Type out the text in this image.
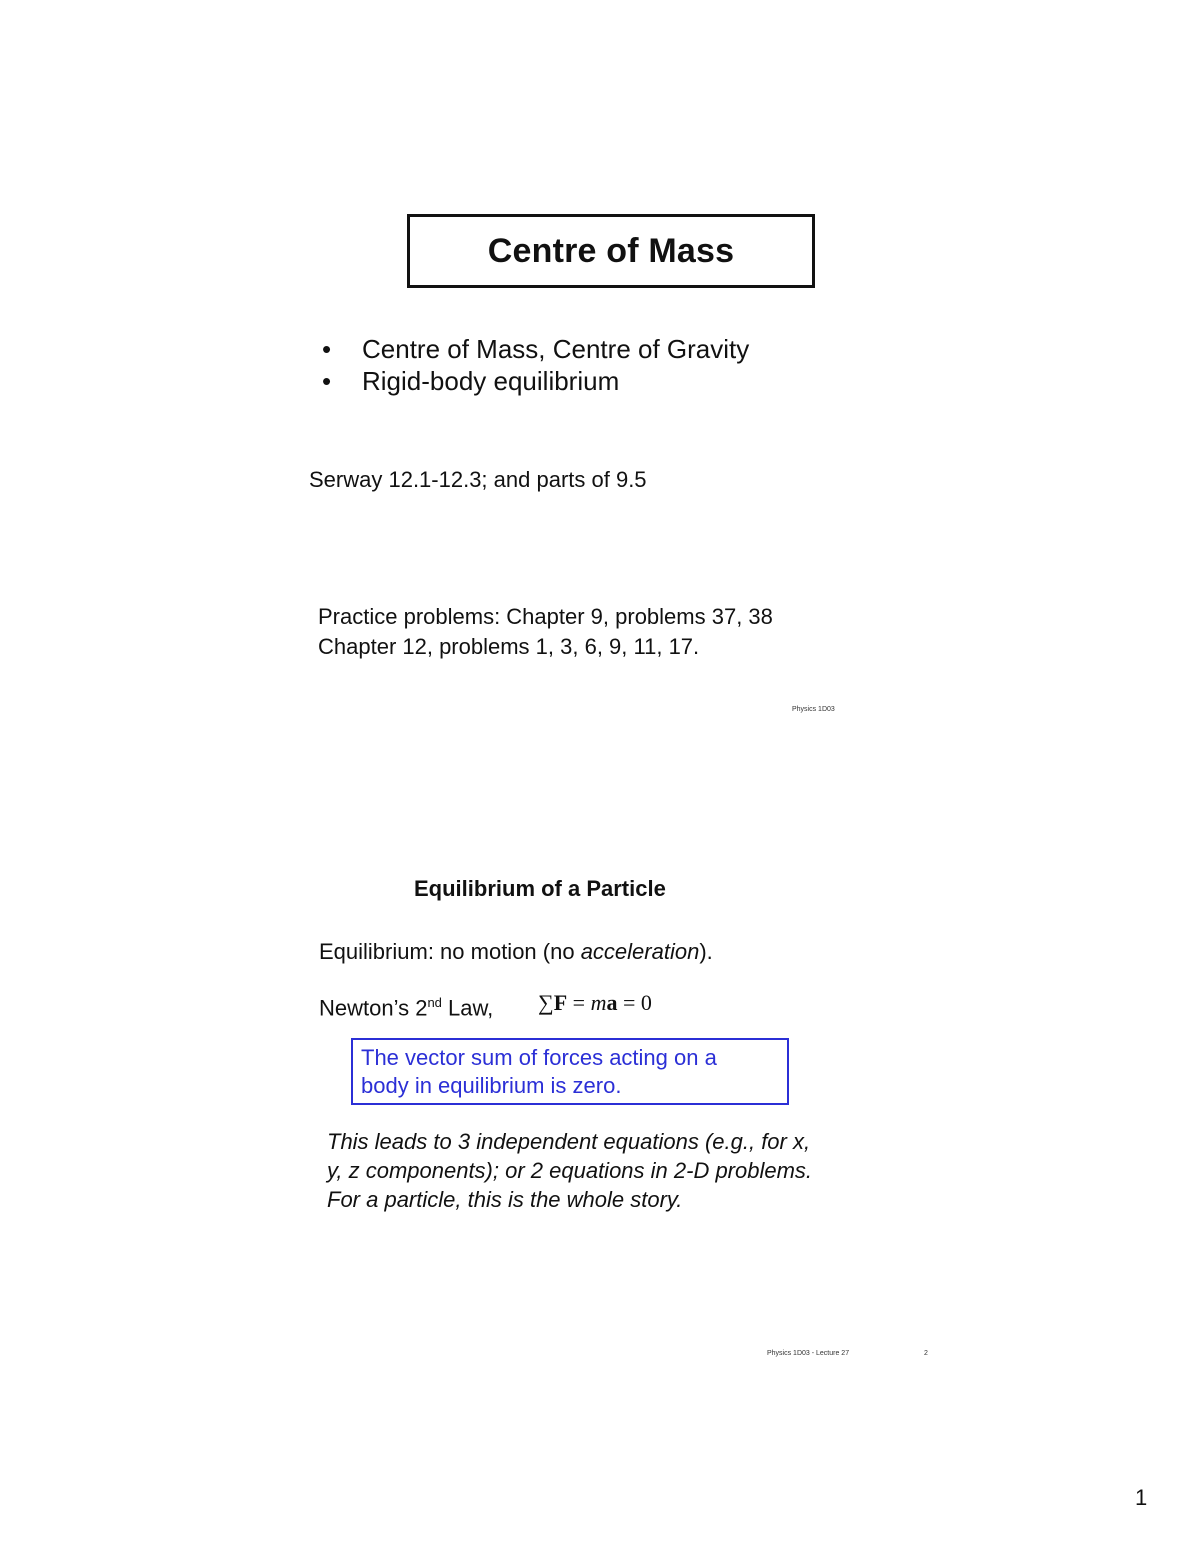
Centre of Mass
•	Centre of Mass, Centre of Gravity
•	Rigid-body equilibrium
Serway 12.1-12.3; and parts of 9.5
Practice problems: Chapter 9, problems 37, 38
Chapter 12, problems 1, 3, 6, 9, 11, 17.
Physics 1D03
Equilibrium of a Particle
Equilibrium: no motion (no acceleration).
Newton’s 2nd Law, ∑F = ma = 0
The vector sum of forces acting on a
body in equilibrium is zero.
This leads to 3 independent equations (e.g., for x,
y, z components); or 2 equations in 2-D problems.
For a particle, this is the whole story.
Physics 1D03 - Lecture 27	2
1
